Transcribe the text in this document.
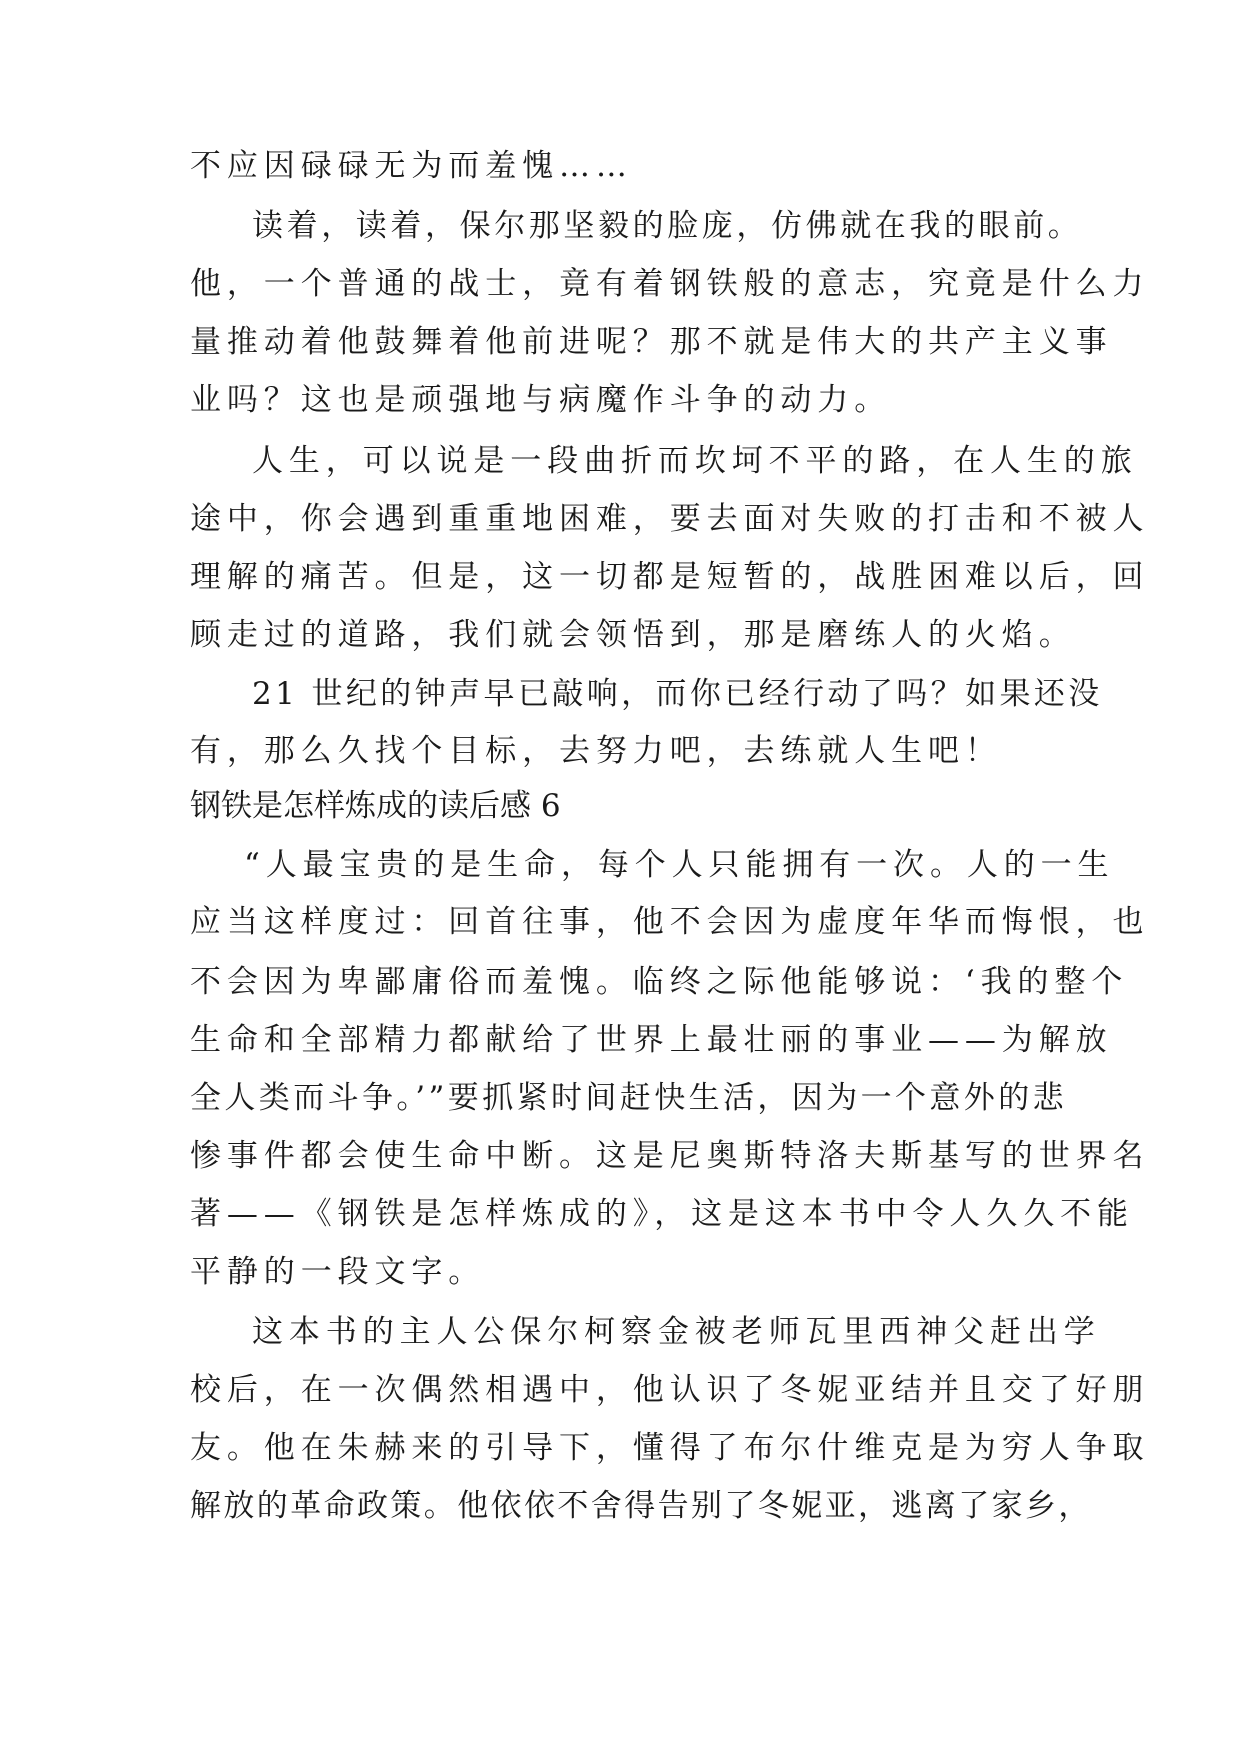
不应因碌碌无为而羞愧……
读着，读着，保尔那坚毅的脸庞，仿佛就在我的眼前。
他，一个普通的战士，竟有着钢铁般的意志，究竟是什么力
量推动着他鼓舞着他前进呢？那不就是伟大的共产主义事
业吗？这也是顽强地与病魔作斗争的动力。
人生，可以说是一段曲折而坎坷不平的路，在人生的旅
途中，你会遇到重重地困难，要去面对失败的打击和不被人
理解的痛苦。但是，这一切都是短暂的，战胜困难以后，回
顾走过的道路，我们就会领悟到，那是磨练人的火焰。
21 世纪的钟声早已敲响，而你已经行动了吗？如果还没
有，那么久找个目标，去努力吧，去练就人生吧！
钢铁是怎样炼成的读后感 6
“人最宝贵的是生命，每个人只能拥有一次。人的一生
应当这样度过：回首往事，他不会因为虚度年华而悔恨，也
不会因为卑鄙庸俗而羞愧。临终之际他能够说：‘我的整个
生命和全部精力都献给了世界上最壮丽的事业——为解放
全人类而斗争。’”要抓紧时间赶快生活，因为一个意外的悲
惨事件都会使生命中断。这是尼奥斯特洛夫斯基写的世界名
著——《钢铁是怎样炼成的》，这是这本书中令人久久不能
平静的一段文字。
这本书的主人公保尔柯察金被老师瓦里西神父赶出学
校后，在一次偶然相遇中，他认识了冬妮亚结并且交了好朋
友。他在朱赫来的引导下，懂得了布尔什维克是为穷人争取
解放的革命政策。他依依不舍得告别了冬妮亚，逃离了家乡，
